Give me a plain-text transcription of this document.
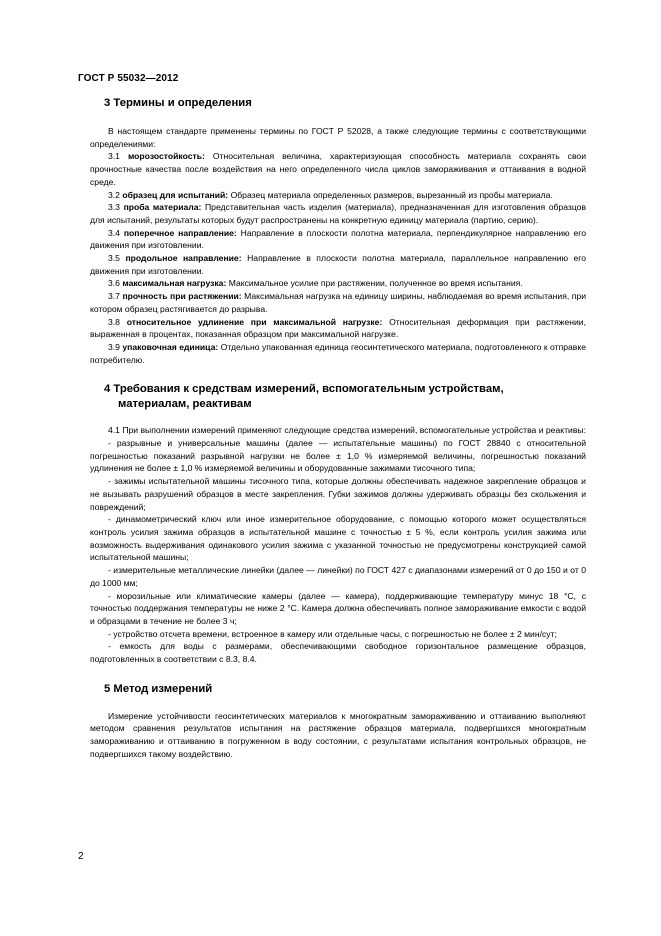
ГОСТ Р 55032—2012
3 Термины и определения

В настоящем стандарте применены термины по ГОСТ Р 52028, а также следующие термины с соответствующими определениями:

3.1 морозостойкость: Относительная величина, характеризующая способность материала сохранять свои прочностные качества после воздействия на него определенного числа циклов замораживания и оттаивания в водной среде.

3.2 образец для испытаний: Образец материала определенных размеров, вырезанный из пробы материала.

3.3 проба материала: Представительная часть изделия (материала), предназначенная для изготовления образцов для испытаний, результаты которых будут распространены на конкретную единицу материала (партию, серию).

3.4 поперечное направление: Направление в плоскости полотна материала, перпендикулярное направлению его движения при изготовлении.

3.5 продольное направление: Направление в плоскости полотна материала, параллельное направлению его движения при изготовлении.

3.6 максимальная нагрузка: Максимальное усилие при растяжении, полученное во время испытания.

3.7 прочность при растяжении: Максимальная нагрузка на единицу ширины, наблюдаемая во время испытания, при котором образец растягивается до разрыва.

3.8 относительное удлинение при максимальной нагрузке: Относительная деформация при растяжении, выраженная в процентах, показанная образцом при максимальной нагрузке.

3.9 упаковочная единица: Отдельно упакованная единица геосинтетического материала, подготовленного к отправке потребителю.

4 Требования к средствам измерений, вспомогательным устройствам,
материалам, реактивам

4.1 При выполнении измерений применяют следующие средства измерений, вспомогательные устройства и реактивы:

- разрывные и универсальные машины (далее — испытательные машины) по ГОСТ 28840 с относительной погрешностью показаний разрывной нагрузки не более ± 1,0 % измеряемой величины, погрешностью показаний удлинения не более ± 1,0 % измеряемой величины и оборудованные зажимами тисочного типа;

- зажимы испытательной машины тисочного типа, которые должны обеспечивать надежное закрепление образцов и не вызывать разрушений образцов в месте закрепления. Губки зажимов должны удерживать образцы без скольжения и повреждений;

- динамометрический ключ или иное измерительное оборудование, с помощью которого может осуществляться контроль усилия зажима образцов в испытательной машине с точностью ± 5 %, если контроль усилия зажима или возможность выдерживания одинакового усилия зажима с указанной точностью не предусмотрены конструкцией самой испытательной машины;

- измерительные металлические линейки (далее — линейки) по ГОСТ 427 с диапазонами измерений от 0 до 150 и от 0 до 1000 мм;

- морозильные или климатические камеры (далее — камера), поддерживающие температуру минус 18 °С, с точностью поддержания температуры не ниже 2 °С. Камера должна обеспечивать полное замораживание емкости с водой и образцами в течение не более 3 ч;

- устройство отсчета времени, встроенное в камеру или отдельные часы, с погрешностью не более ± 2 мин/сут;

- емкость для воды с размерами, обеспечивающими свободное горизонтальное размещение образцов, подготовленных в соответствии с 8.3, 8.4.

5 Метод измерений

Измерение устойчивости геосинтетических материалов к многократным замораживанию и оттаиванию выполняют методом сравнения результатов испытания на растяжение образцов материала, подвергшихся многократным замораживанию и оттаиванию в погруженном в воду состоянии, с результатами испытания контрольных образцов, не подвергшихся такому воздействию.

2
